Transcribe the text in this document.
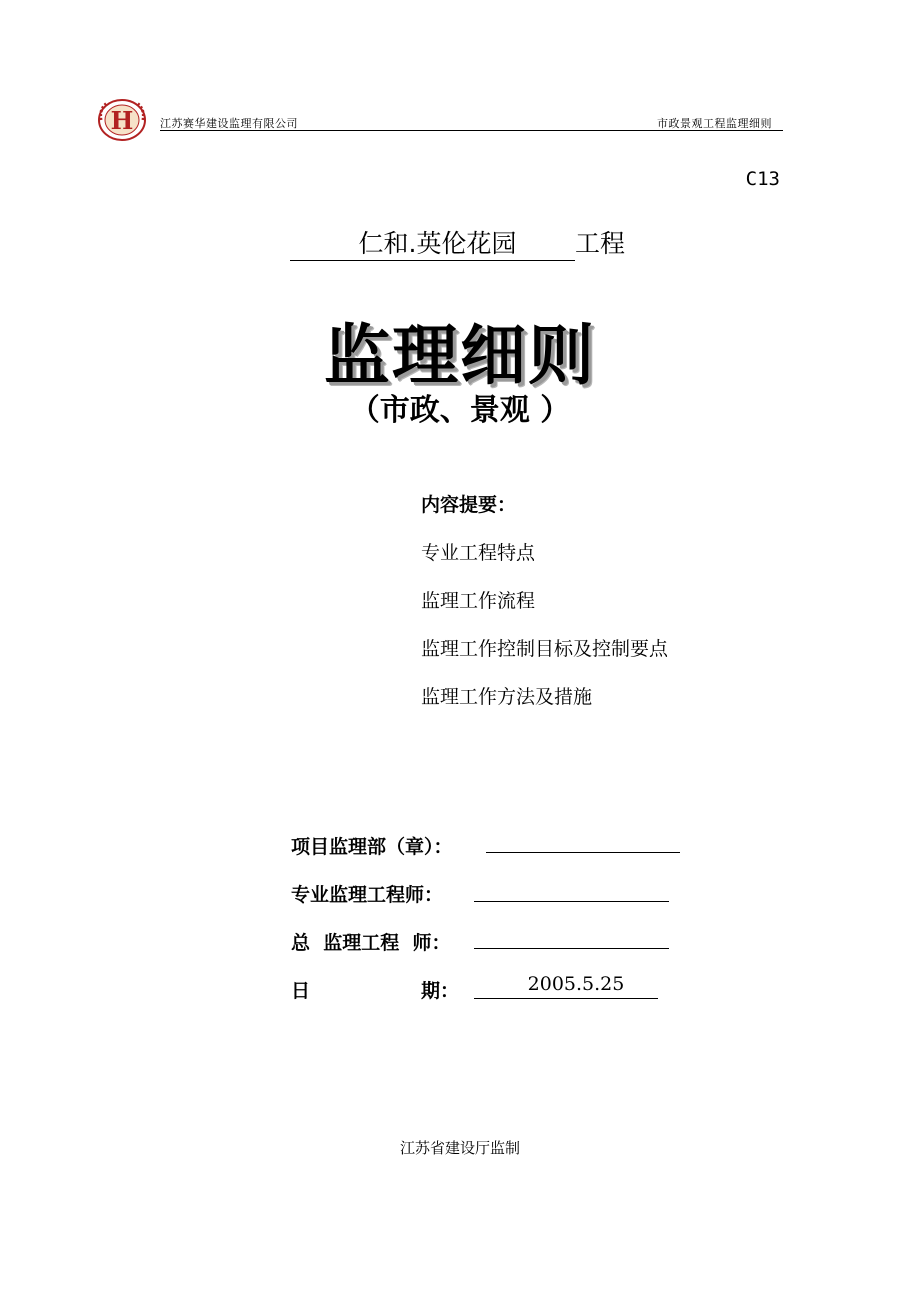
H 江苏赛华建设监理有限公司	市政景观工程监理细则
C13
仁和.英伦花园 工程
监理细则
（市政、景观 ）
内容提要：
专业工程特点
监理工作流程
监理工作控制目标及控制要点
监理工作方法及措施
项目监理部（章）：
专业监理工程师：
总  监理工程  师：
日	期：	2005.5.25
江苏省建设厅监制
